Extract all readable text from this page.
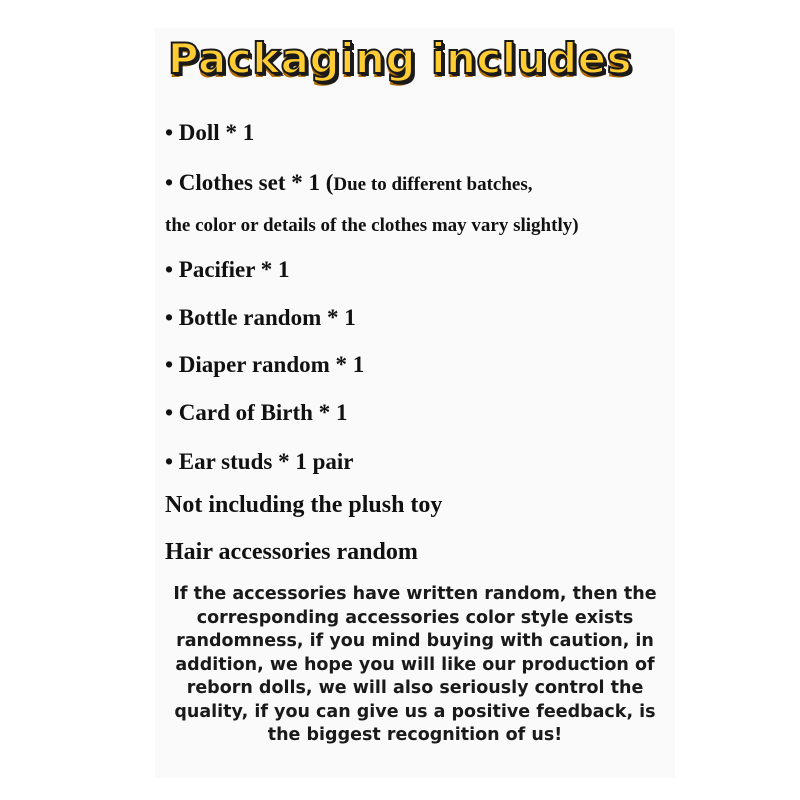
Packaging includes
• Doll * 1
• Clothes set * 1 (Due to different batches,
the color or details of the clothes may vary slightly)
• Pacifier * 1
• Bottle random * 1
• Diaper random * 1
• Card of Birth * 1
• Ear studs * 1 pair
Not including the plush toy
Hair accessories random
If the accessories have written random, then the
corresponding accessories color style exists
randomness, if you mind buying with caution, in
addition, we hope you will like our production of
reborn dolls, we will also seriously control the
quality, if you can give us a positive feedback, is
the biggest recognition of us!
